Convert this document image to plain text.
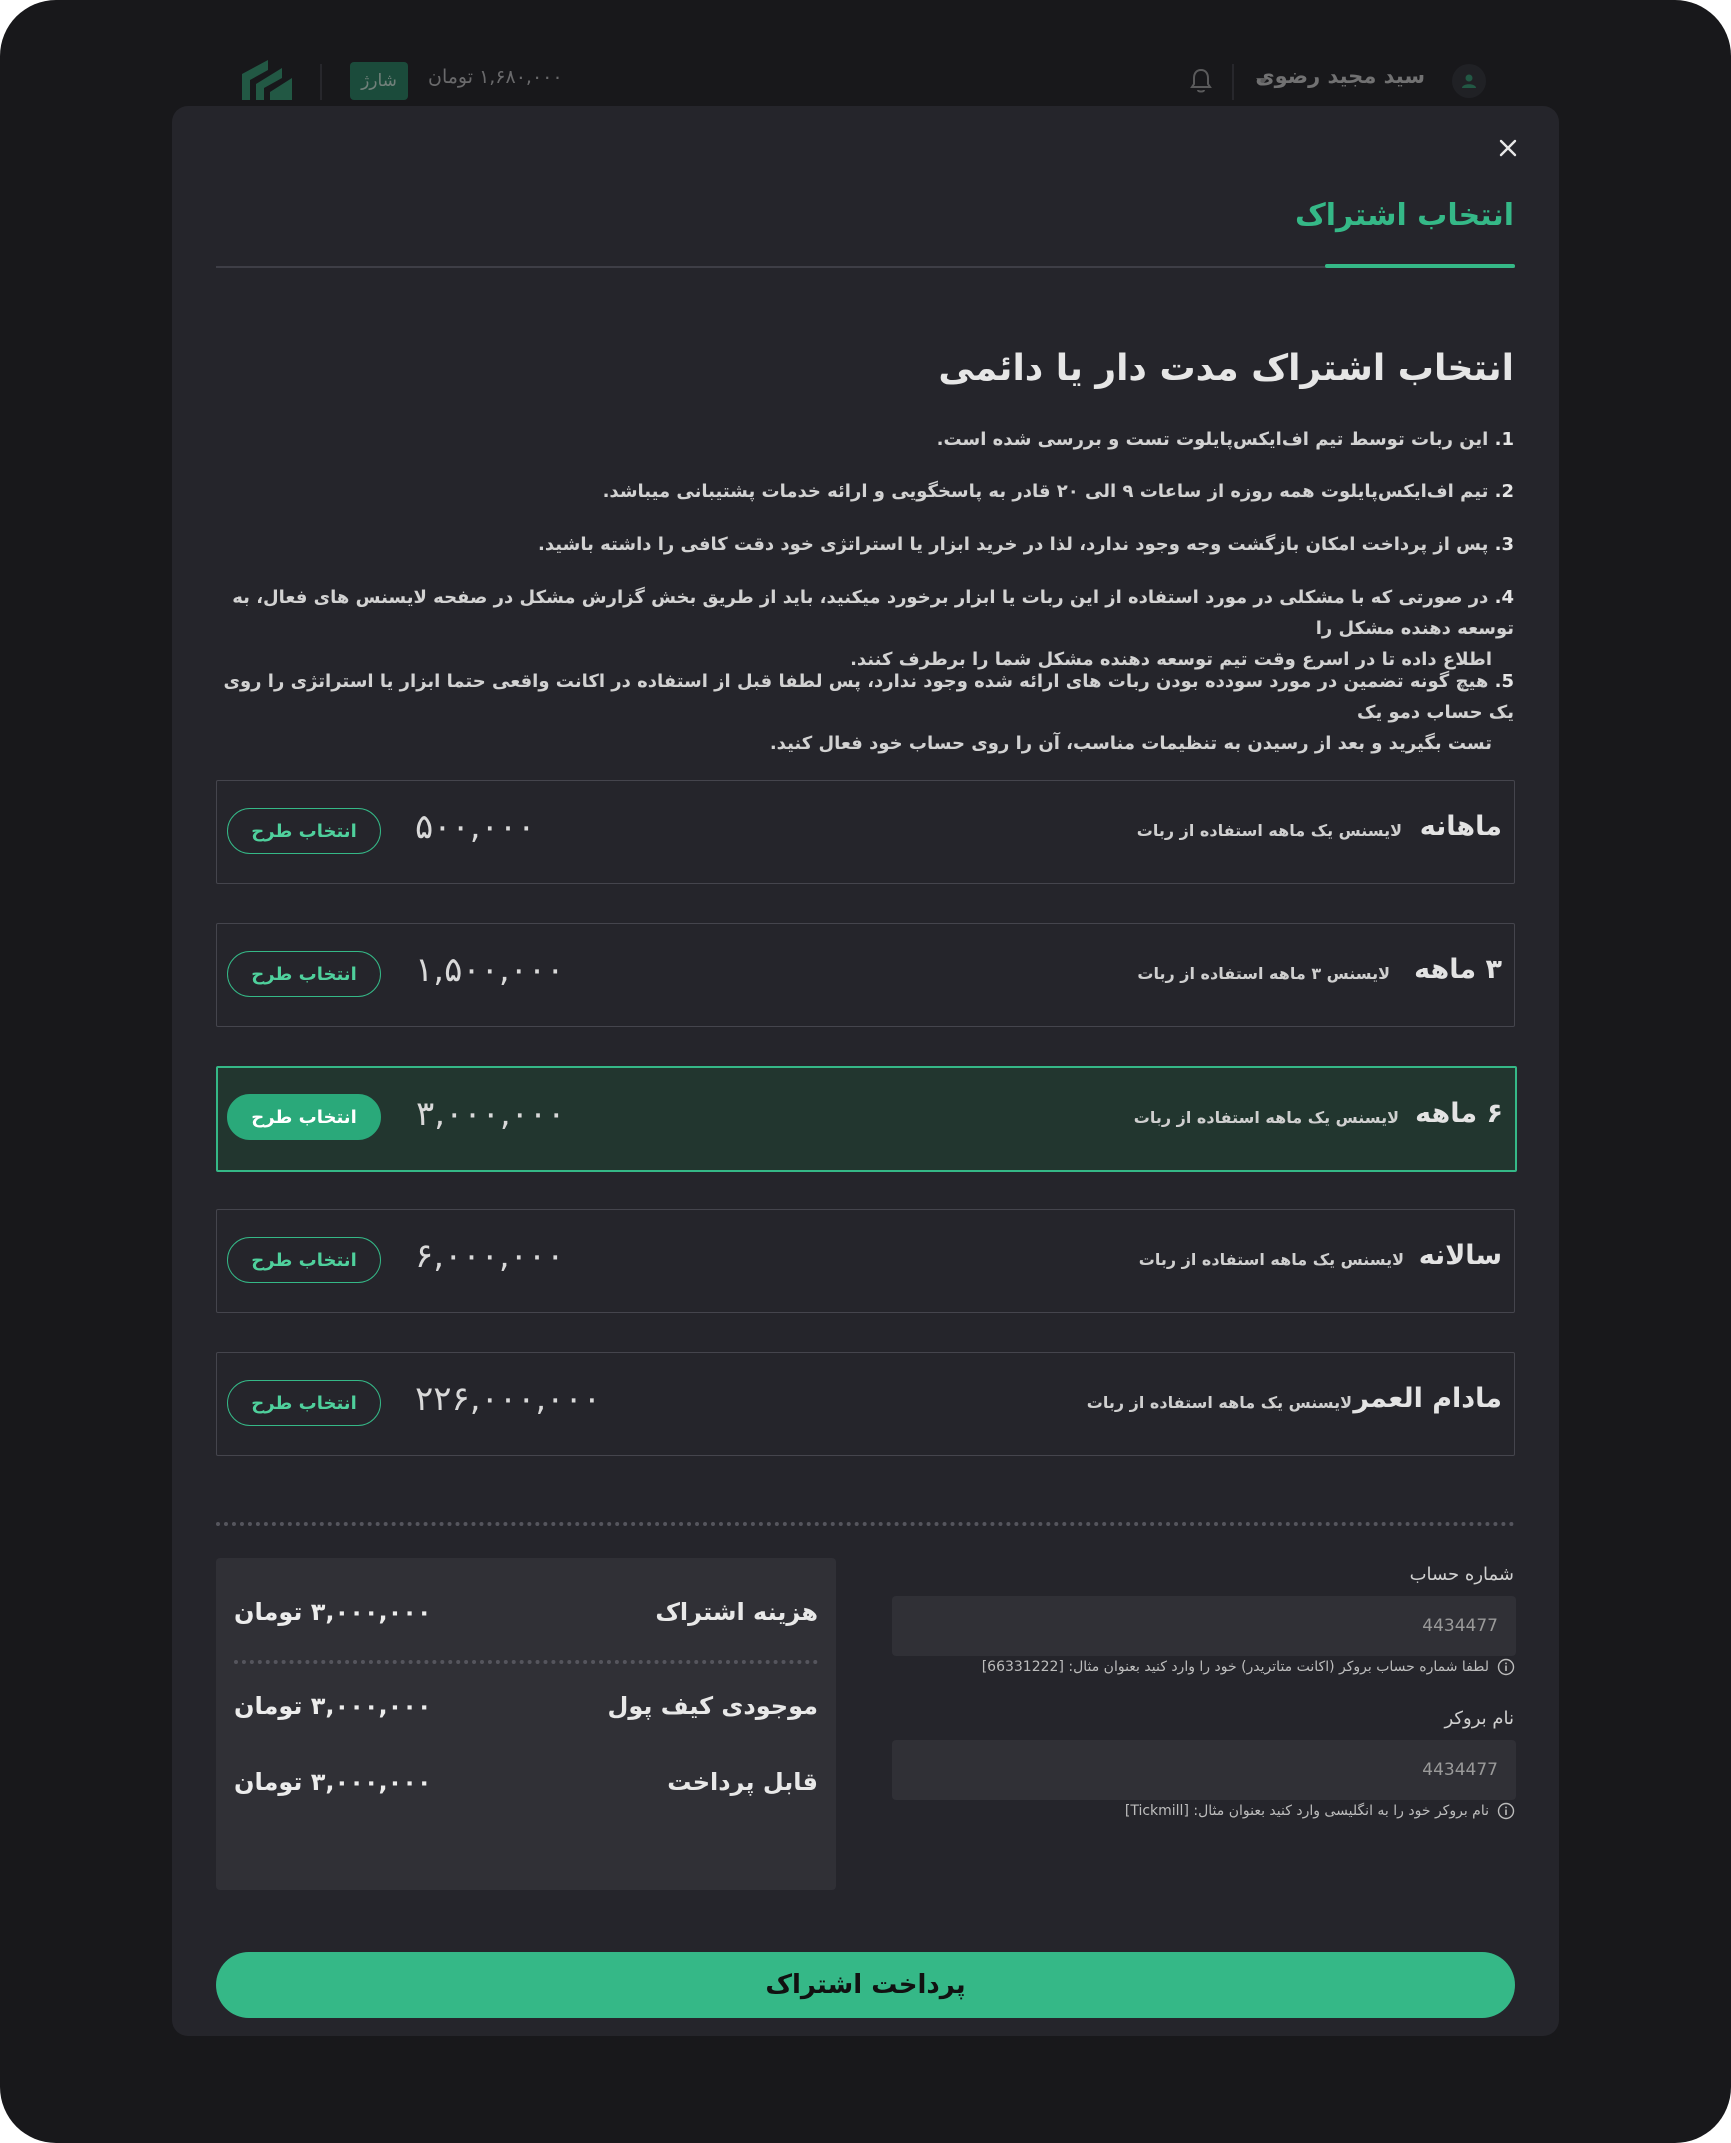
شارژ	۱,۶۸۰,۰۰۰ تومان	سید مجید رضوی
انتخاب اشتراک
انتخاب اشتراک مدت دار یا دائمی
1. این ربات توسط تیم اف‌ایکس‌پایلوت تست و بررسی شده است.
2. تیم اف‌ایکس‌پایلوت همه روزه از ساعات ۹ الی ۲۰ قادر به پاسخگویی و ارائه خدمات پشتیبانی میباشد.
3. پس از پرداخت امکان بازگشت وجه وجود ندارد، لذا در خرید ابزار یا استراتژی خود دقت کافی را داشته باشید.
4. در صورتی که با مشکلی در مورد استفاده از این ربات یا ابزار برخورد میکنید، باید از طریق بخش گزارش مشکل در صفحه لایسنس های فعال، به توسعه دهنده مشکل را
اطلاع داده تا در اسرع وقت تیم توسعه دهنده مشکل شما را برطرف کنند.
5. هیچ گونه تضمین در مورد سودده بودن ربات های ارائه شده وجود ندارد، پس لطفا قبل از استفاده در اکانت واقعی حتما ابزار یا استراتژی را روی یک حساب دمو یک
تست بگیرید و بعد از رسیدن به تنظیمات مناسب، آن را روی حساب خود فعال کنید.
ماهانه
لایسنس یک ماهه استفاده از ربات
۵۰۰,۰۰۰
انتخاب طرح
۳ ماهه
لایسنس ۳ ماهه استفاده از ربات
۱,۵۰۰,۰۰۰
انتخاب طرح
۶ ماهه
لایسنس یک ماهه استفاده از ربات
۳,۰۰۰,۰۰۰
انتخاب طرح
سالانه
لایسنس یک ماهه استفاده از ربات
۶,۰۰۰,۰۰۰
انتخاب طرح
مادام العمر
لایسنس یک ماهه استفاده از ربات
۲۲۶,۰۰۰,۰۰۰
انتخاب طرح
هزینه اشتراک
۳,۰۰۰,۰۰۰ تومان
موجودی کیف پول
۳,۰۰۰,۰۰۰ تومان
قابل پرداخت
۳,۰۰۰,۰۰۰ تومان
شماره حساب
4434477
لطفا شماره حساب بروکر (اکانت متاتریدر) خود را وارد کنید بعنوان مثال: [66331222]
نام بروکر
4434477
نام بروکر خود را به انگلیسی وارد کنید بعنوان مثال: [Tickmill]
پرداخت اشتراک
